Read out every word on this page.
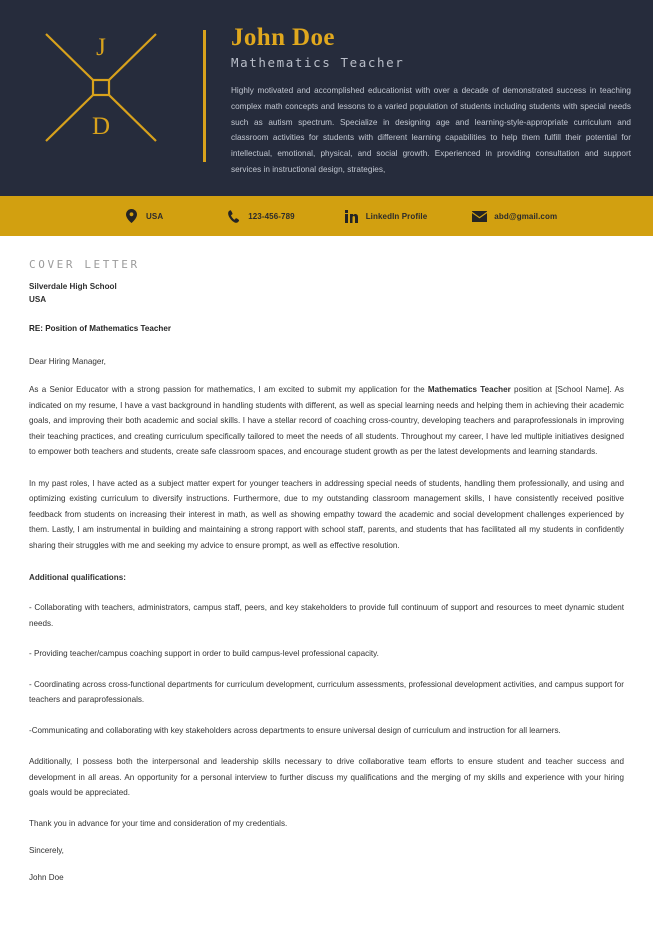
J
D
John Doe
Mathematics Teacher
Highly motivated and accomplished educationist with over a decade of demonstrated success in teaching complex math concepts and lessons to a varied population of students including students with special needs such as autism spectrum. Specialize in designing age and learning-style-appropriate curriculum and classroom activities for students with different learning capabilities to help them fulfill their potential for intellectual, emotional, physical, and social growth. Experienced in providing consultation and support services in instructional design, strategies,
USA	123-456-789	LinkedIn Profile	abd@gmail.com
COVER LETTER
Silverdale High School
USA
RE: Position of Mathematics Teacher
Dear Hiring Manager,
As a Senior Educator with a strong passion for mathematics, I am excited to submit my application for the Mathematics Teacher position at [School Name]. As indicated on my resume, I have a vast background in handling students with different, as well as special learning needs and helping them in achieving their academic goals, and improving their both academic and social skills. I have a stellar record of coaching cross-country, developing teachers and paraprofessionals in improving their teaching practices, and creating curriculum specifically tailored to meet the needs of all students. Throughout my career, I have led multiple initiatives designed to empower both teachers and students, create safe classroom spaces, and encourage student growth as per the latest developments and learning standards.
In my past roles, I have acted as a subject matter expert for younger teachers in addressing special needs of students, handling them professionally, and using and optimizing existing curriculum to diversify instructions. Furthermore, due to my outstanding classroom management skills, I have consistently received positive feedback from students on increasing their interest in math, as well as showing empathy toward the academic and social development challenges experienced by them. Lastly, I am instrumental in building and maintaining a strong rapport with school staff, parents, and students that has facilitated all my students in confidently sharing their struggles with me and seeking my advice to ensure prompt, as well as effective resolution.
Additional qualifications:
- Collaborating with teachers, administrators, campus staff, peers, and key stakeholders to provide full continuum of support and resources to meet dynamic student needs.
- Providing teacher/campus coaching support in order to build campus-level professional capacity.
- Coordinating across cross-functional departments for curriculum development, curriculum assessments, professional development activities, and campus support for teachers and paraprofessionals.
-Communicating and collaborating with key stakeholders across departments to ensure universal design of curriculum and instruction for all learners.
Additionally, I possess both the interpersonal and leadership skills necessary to drive collaborative team efforts to ensure student and teacher success and development in all areas. An opportunity for a personal interview to further discuss my qualifications and the merging of my skills and experience with your hiring goals would be appreciated.
Thank you in advance for your time and consideration of my credentials.
Sincerely,
John Doe
